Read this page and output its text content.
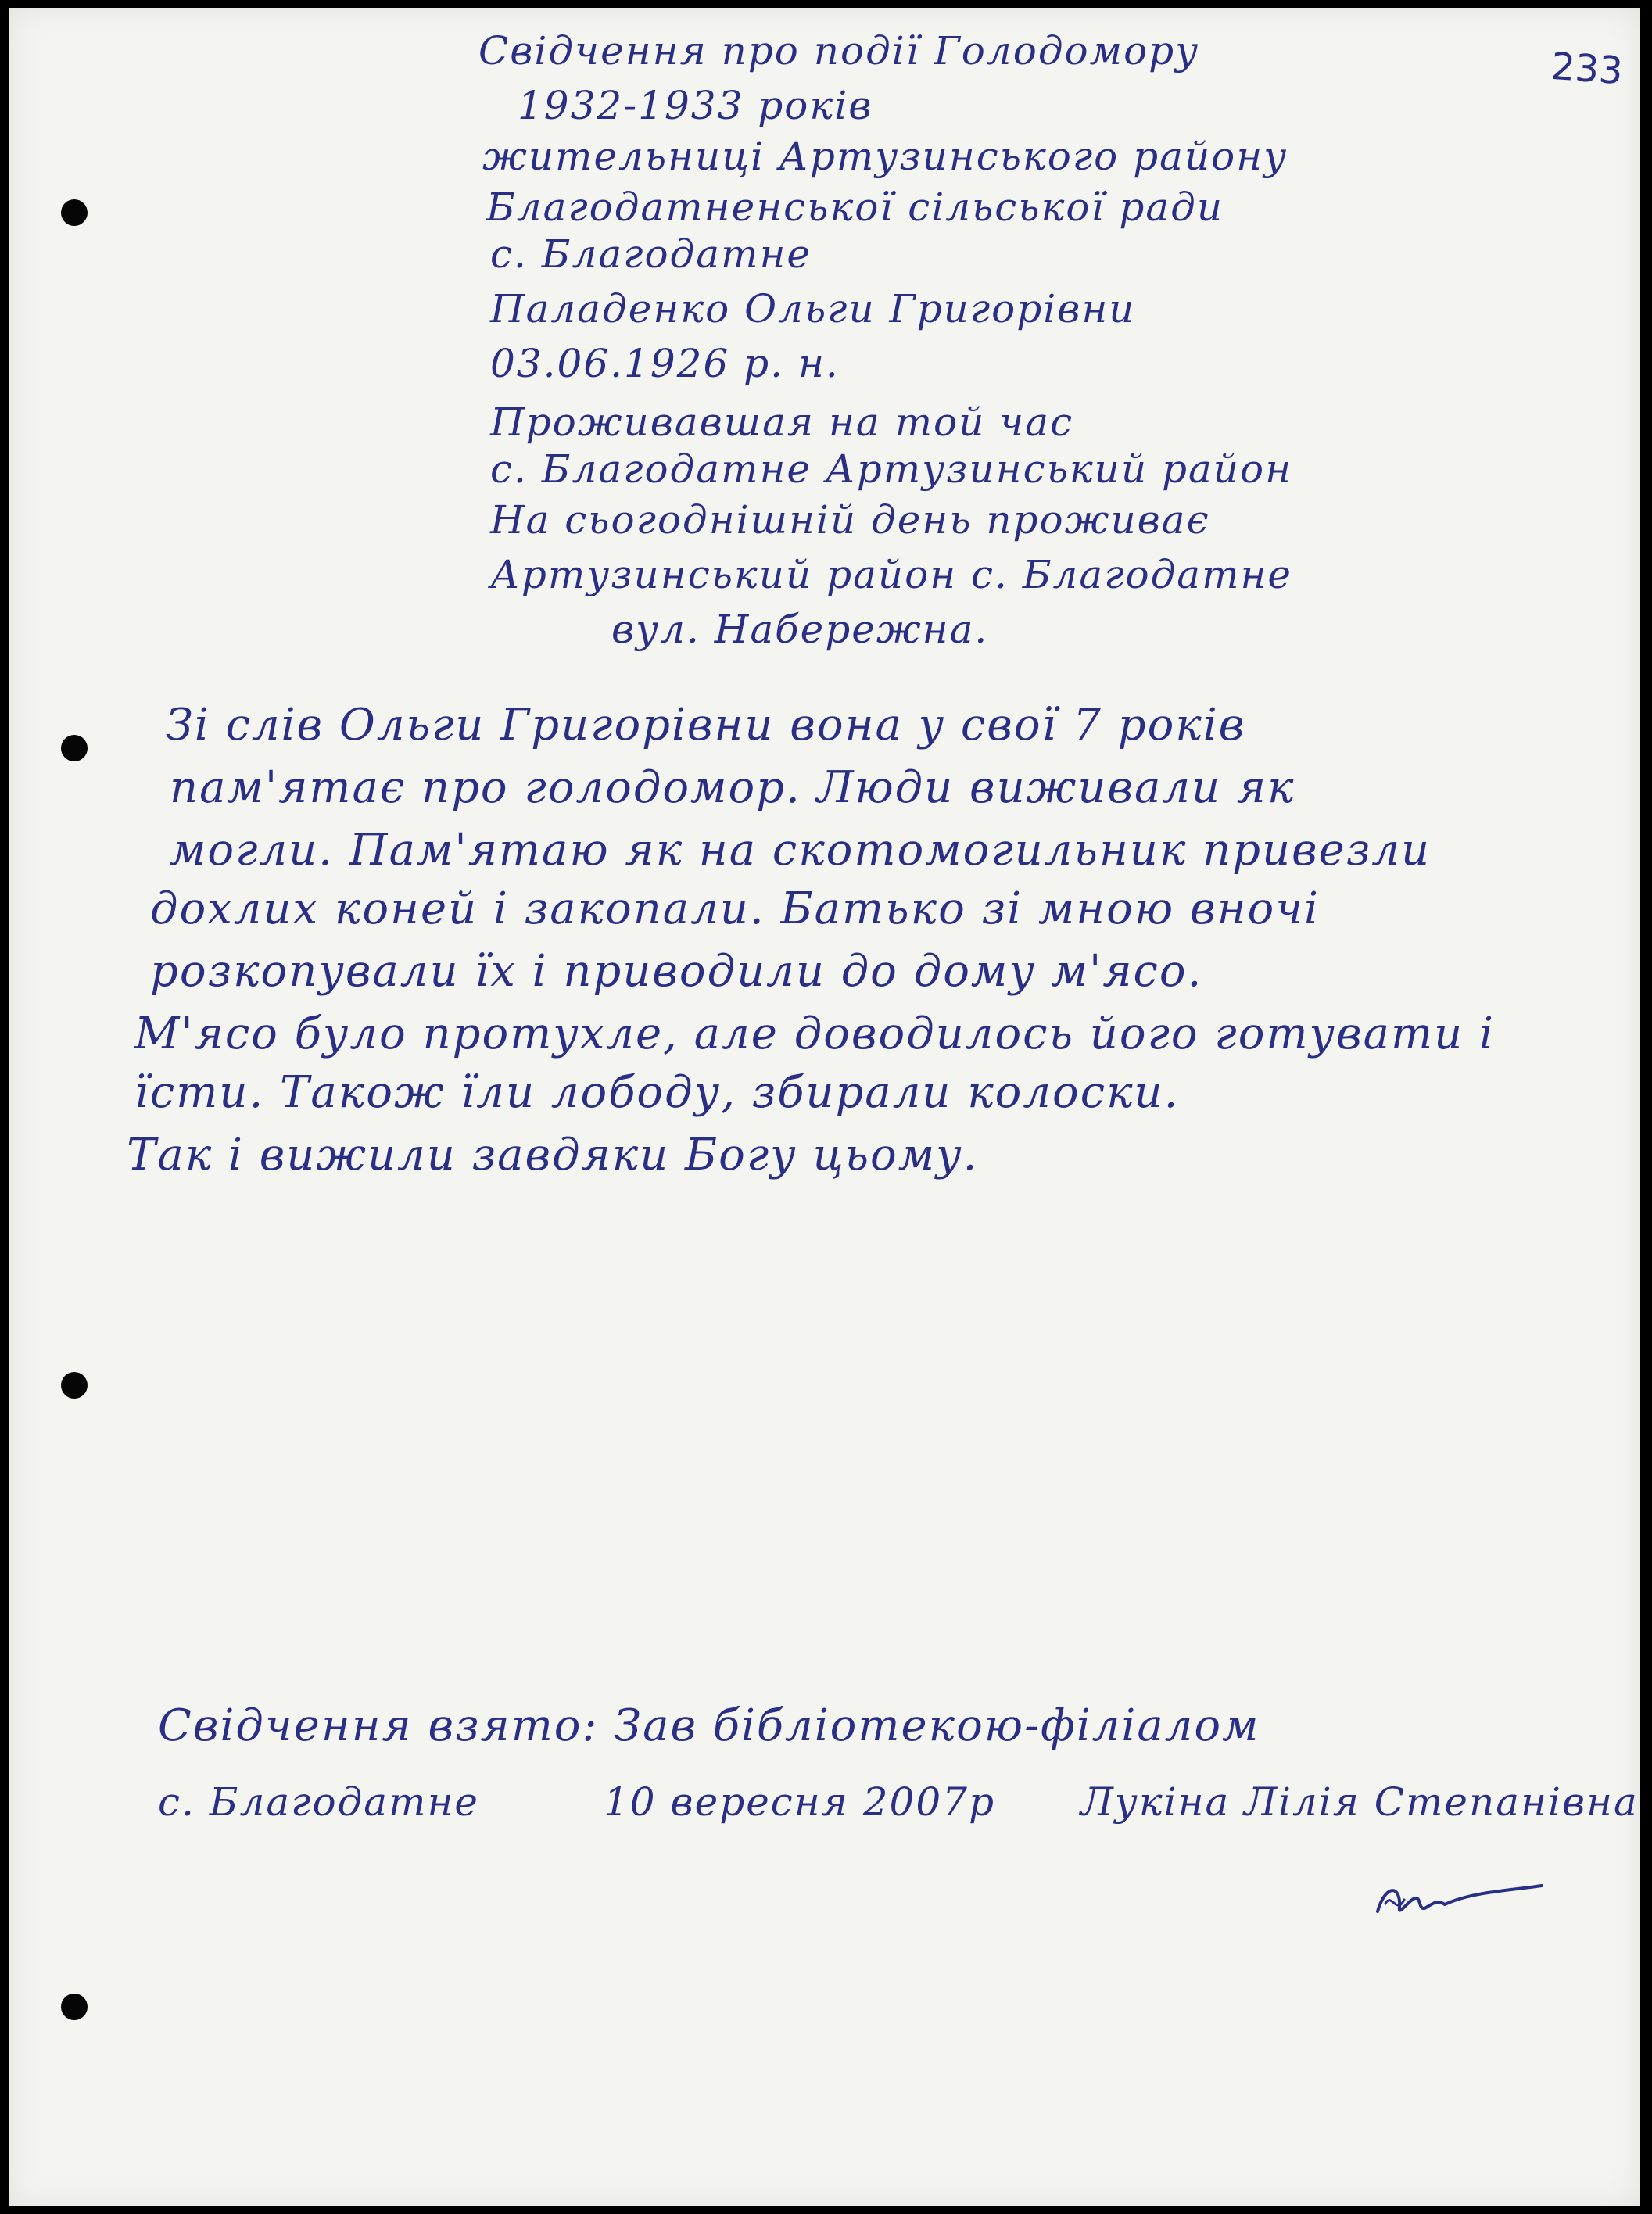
233
Свідчення про події Голодомору
1932-1933 років
жительниці Артузинського району
Благодатненської сільської ради
с. Благодатне
Паладенко Ольги Григорівни
03.06.1926 р. н.
Проживавшая на той час
с. Благодатне Артузинський район
На сьогоднішній день проживає
Артузинський район с. Благодатне
вул. Набережна.
Зі слів Ольги Григорівни вона у свої 7 років
пам'ятає про голодомор. Люди виживали як
могли. Пам'ятаю як на скотомогильник привезли
дохлих коней і закопали. Батько зі мною вночі
розкопували їх і приводили до дому м'ясо.
М'ясо було протухле, але доводилось його готувати і
їсти. Також їли лободу, збирали колоски.
Так і вижили завдяки Богу цьому.
Свідчення взято: Зав бібліотекою-філіалом
с. Благодатне	10 вересня 2007р Лукіна Лілія Степанівна
